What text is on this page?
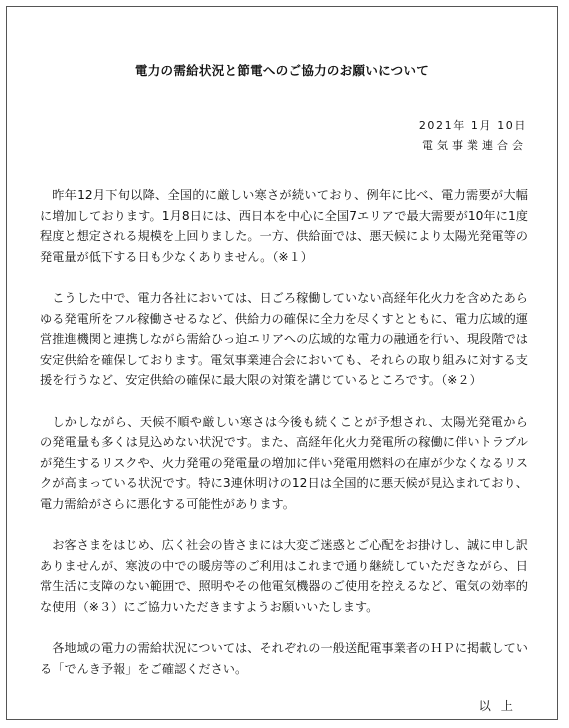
電力の需給状況と節電へのご協力のお願いについて
2021年 1月 10日
電気事業連合会

昨年12月下旬以降、全国的に厳しい寒さが続いており、例年に比べ、電力需要が大幅に増加しております。1月8日には、西日本を中心に全国7エリアで最大需要が10年に1度程度と想定される規模を上回りました。一方、供給面では、悪天候により太陽光発電等の発電量が低下する日も少なくありません。（※１）

こうした中で、電力各社においては、日ごろ稼働していない高経年化火力を含めたあらゆる発電所をフル稼働させるなど、供給力の確保に全力を尽くすとともに、電力広域的運営推進機関と連携しながら需給ひっ迫エリアへの広域的な電力の融通を行い、現段階では安定供給を確保しております。電気事業連合会においても、それらの取り組みに対する支援を行うなど、安定供給の確保に最大限の対策を講じているところです。（※２）

しかしながら、天候不順や厳しい寒さは今後も続くことが予想され、太陽光発電からの発電量も多くは見込めない状況です。また、高経年化火力発電所の稼働に伴いトラブルが発生するリスクや、火力発電の発電量の増加に伴い発電用燃料の在庫が少なくなるリスクが高まっている状況です。特に3連休明けの12日は全国的に悪天候が見込まれており、電力需給がさらに悪化する可能性があります。

お客さまをはじめ、広く社会の皆さまには大変ご迷惑とご心配をお掛けし、誠に申し訳ありませんが、寒波の中での暖房等のご利用はこれまで通り継続していただきながら、日常生活に支障のない範囲で、照明やその他電気機器のご使用を控えるなど、電気の効率的な使用（※３）にご協力いただきますようお願いいたします。

各地域の電力の需給状況については、それぞれの一般送配電事業者のＨＰに掲載している「でんき予報」をご確認ください。

以上
